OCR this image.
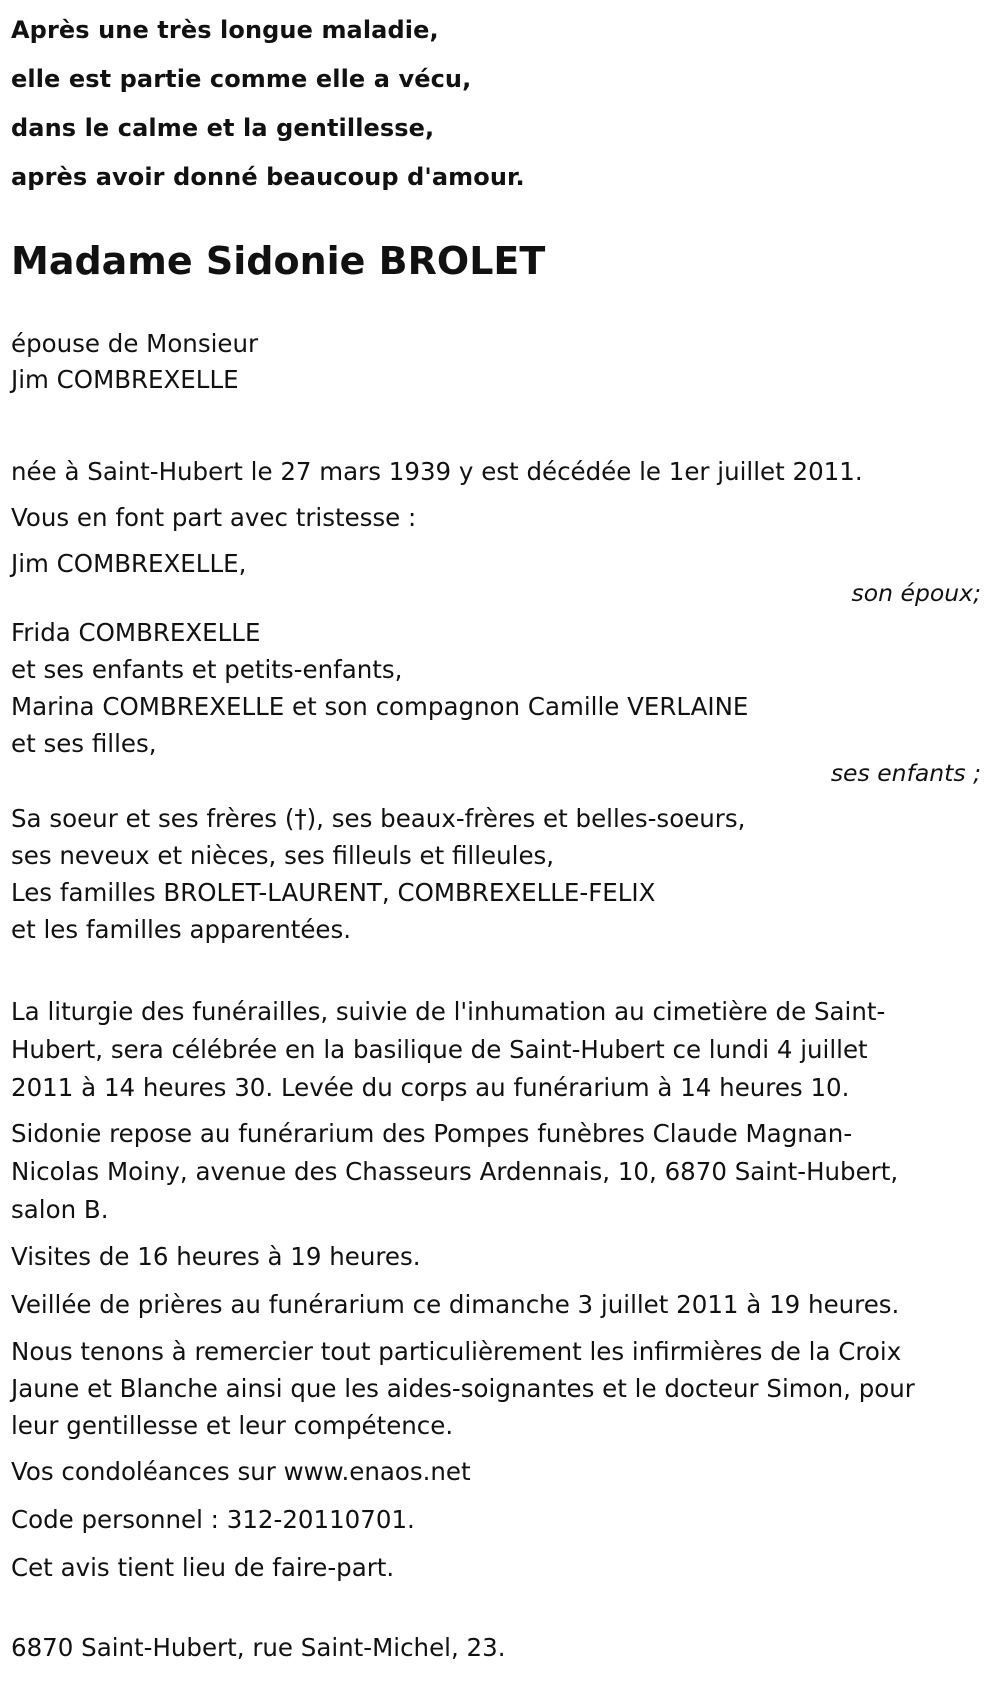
Après une très longue maladie,

elle est partie comme elle a vécu,

dans le calme et la gentillesse,

après avoir donné beaucoup d'amour.

Madame Sidonie BROLET

épouse de Monsieur

Jim COMBREXELLE

née à Saint-Hubert le 27 mars 1939 y est décédée le 1er juillet 2011.

Vous en font part avec tristesse :

Jim COMBREXELLE,

son époux;

Frida COMBREXELLE

et ses enfants et petits-enfants,

Marina COMBREXELLE et son compagnon Camille VERLAINE

et ses filles,

ses enfants ;

Sa soeur et ses frères (†), ses beaux-frères et belles-soeurs,

ses neveux et nièces, ses filleuls et filleules,

Les familles BROLET-LAURENT, COMBREXELLE-FELIX

et les familles apparentées.

La liturgie des funérailles, suivie de l'inhumation au cimetière de Saint-

Hubert, sera célébrée en la basilique de Saint-Hubert ce lundi 4 juillet

2011 à 14 heures 30. Levée du corps au funérarium à 14 heures 10.

Sidonie repose au funérarium des Pompes funèbres Claude Magnan-

Nicolas Moiny, avenue des Chasseurs Ardennais, 10, 6870 Saint-Hubert,

salon B.

Visites de 16 heures à 19 heures.

Veillée de prières au funérarium ce dimanche 3 juillet 2011 à 19 heures.

Nous tenons à remercier tout particulièrement les infirmières de la Croix

Jaune et Blanche ainsi que les aides-soignantes et le docteur Simon, pour

leur gentillesse et leur compétence.

Vos condoléances sur www.enaos.net

Code personnel : 312-20110701.

Cet avis tient lieu de faire-part.

6870 Saint-Hubert, rue Saint-Michel, 23.
